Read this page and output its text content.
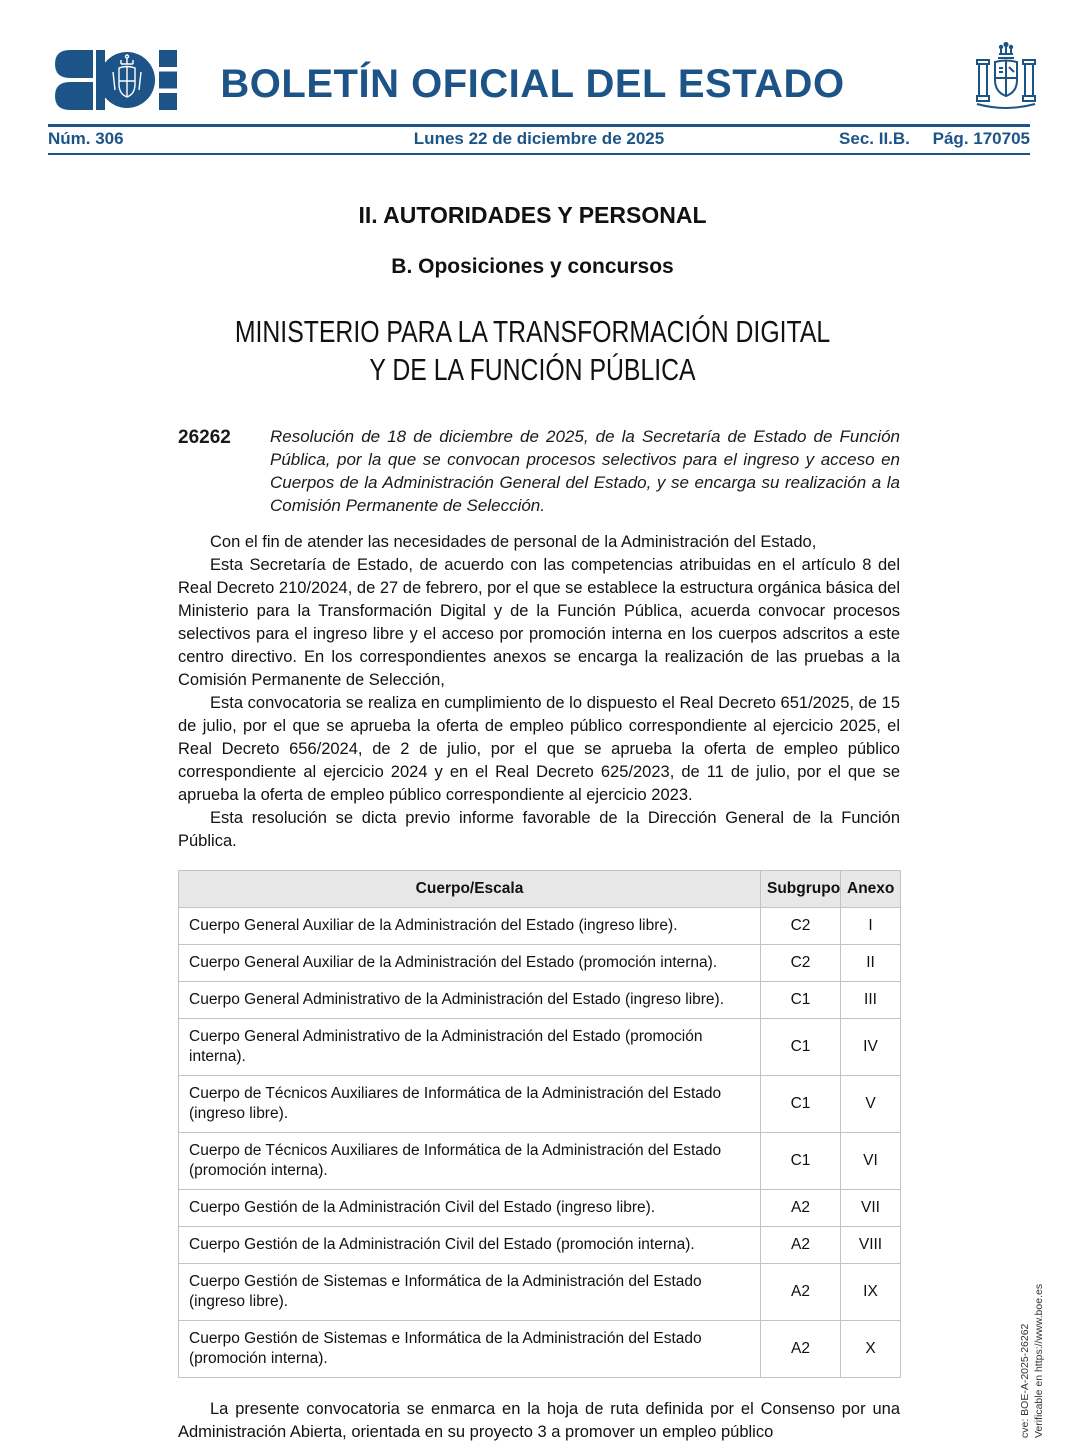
BOLETÍN OFICIAL DEL ESTADO
Núm. 306	Lunes 22 de diciembre de 2025	Sec. II.B. Pág. 170705
II. AUTORIDADES Y PERSONAL
B. Oposiciones y concursos
MINISTERIO PARA LA TRANSFORMACIÓN DIGITAL
Y DE LA FUNCIÓN PÚBLICA
26262	Resolución de 18 de diciembre de 2025, de la Secretaría de Estado de Función Pública, por la que se convocan procesos selectivos para el ingreso y acceso en Cuerpos de la Administración General del Estado, y se encarga su realización a la Comisión Permanente de Selección.

Con el fin de atender las necesidades de personal de la Administración del Estado,

Esta Secretaría de Estado, de acuerdo con las competencias atribuidas en el artículo 8 del Real Decreto 210/2024, de 27 de febrero, por el que se establece la estructura orgánica básica del Ministerio para la Transformación Digital y de la Función Pública, acuerda convocar procesos selectivos para el ingreso libre y el acceso por promoción interna en los cuerpos adscritos a este centro directivo. En los correspondientes anexos se encarga la realización de las pruebas a la Comisión Permanente de Selección,

Esta convocatoria se realiza en cumplimiento de lo dispuesto el Real Decreto 651/2025, de 15 de julio, por el que se aprueba la oferta de empleo público correspondiente al ejercicio 2025, el Real Decreto 656/2024, de 2 de julio, por el que se aprueba la oferta de empleo público correspondiente al ejercicio 2024 y en el Real Decreto 625/2023, de 11 de julio, por el que se aprueba la oferta de empleo público correspondiente al ejercicio 2023.

Esta resolución se dicta previo informe favorable de la Dirección General de la Función Pública.

Cuerpo/Escala	Subgrupo	Anexo
Cuerpo General Auxiliar de la Administración del Estado (ingreso libre).	C2	I
Cuerpo General Auxiliar de la Administración del Estado (promoción interna).	C2	II
Cuerpo General Administrativo de la Administración del Estado (ingreso libre).	C1	III
Cuerpo General Administrativo de la Administración del Estado (promoción interna).	C1	IV
Cuerpo de Técnicos Auxiliares de Informática de la Administración del Estado (ingreso libre).	C1	V
Cuerpo de Técnicos Auxiliares de Informática de la Administración del Estado (promoción interna).	C1	VI
Cuerpo Gestión de la Administración Civil del Estado (ingreso libre).	A2	VII
Cuerpo Gestión de la Administración Civil del Estado (promoción interna).	A2	VIII
Cuerpo Gestión de Sistemas e Informática de la Administración del Estado (ingreso libre).	A2	IX
Cuerpo Gestión de Sistemas e Informática de la Administración del Estado (promoción interna).	A2	X

La presente convocatoria se enmarca en la hoja de ruta definida por el Consenso por una Administración Abierta, orientada en su proyecto 3 a promover un empleo público	cve: BOE-A-2025-26262 Verificable en https://www.boe.es
